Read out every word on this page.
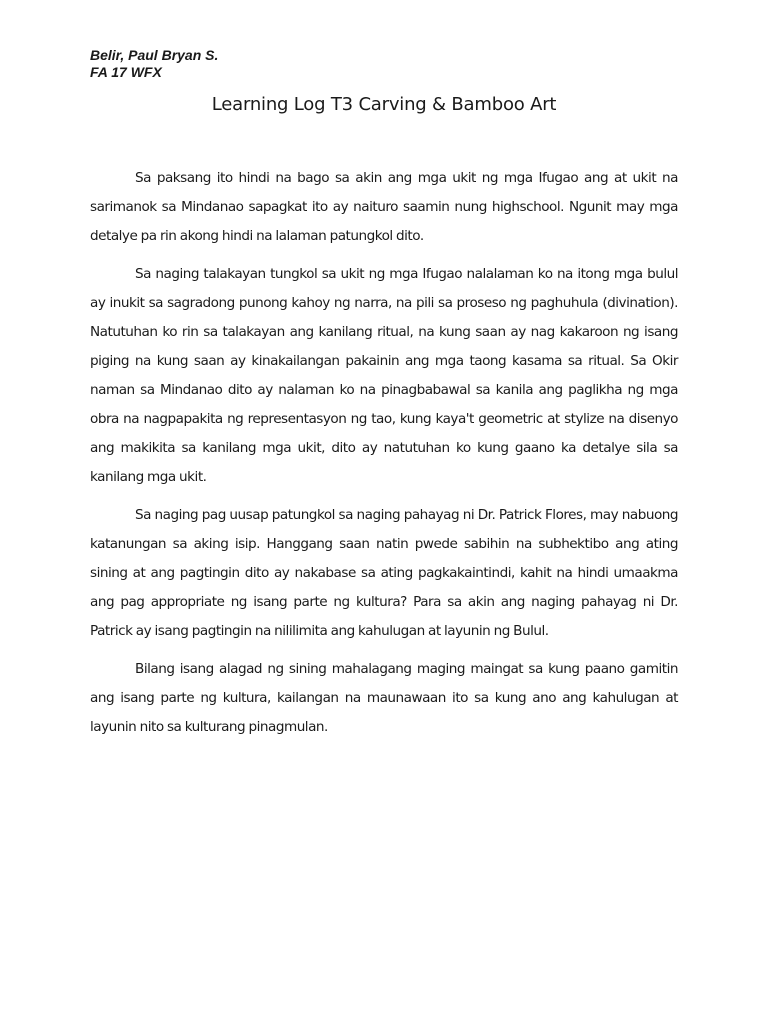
Belir, Paul Bryan S.
FA 17 WFX
Learning Log T3 Carving & Bamboo Art

Sa paksang ito hindi na bago sa akin ang mga ukit ng mga Ifugao ang at ukit na sarimanok sa Mindanao sapagkat ito ay naituro saamin nung highschool. Ngunit may mga detalye pa rin akong hindi na lalaman patungkol dito.

Sa naging talakayan tungkol sa ukit ng mga Ifugao nalalaman ko na itong mga bulul ay inukit sa sagradong punong kahoy ng narra, na pili sa proseso ng paghuhula (divination). Natutuhan ko rin sa talakayan ang kanilang ritual, na kung saan ay nag kakaroon ng isang piging na kung saan ay kinakailangan pakainin ang mga taong kasama sa ritual. Sa Okir naman sa Mindanao dito ay nalaman ko na pinagbabawal sa kanila ang paglikha ng mga obra na nagpapakita ng representasyon ng tao, kung kaya't geometric at stylize na disenyo ang makikita sa kanilang mga ukit, dito ay natutuhan ko kung gaano ka detalye sila sa kanilang mga ukit.

Sa naging pag uusap patungkol sa naging pahayag ni Dr. Patrick Flores, may nabuong katanungan sa aking isip. Hanggang saan natin pwede sabihin na subhektibo ang ating sining at ang pagtingin dito ay nakabase sa ating pagkakaintindi, kahit na hindi umaakma ang pag appropriate ng isang parte ng kultura? Para sa akin ang naging pahayag ni Dr. Patrick ay isang pagtingin na nililimita ang kahulugan at layunin ng Bulul.

Bilang isang alagad ng sining mahalagang maging maingat sa kung paano gamitin ang isang parte ng kultura, kailangan na maunawaan ito sa kung ano ang kahulugan at layunin nito sa kulturang pinagmulan.
